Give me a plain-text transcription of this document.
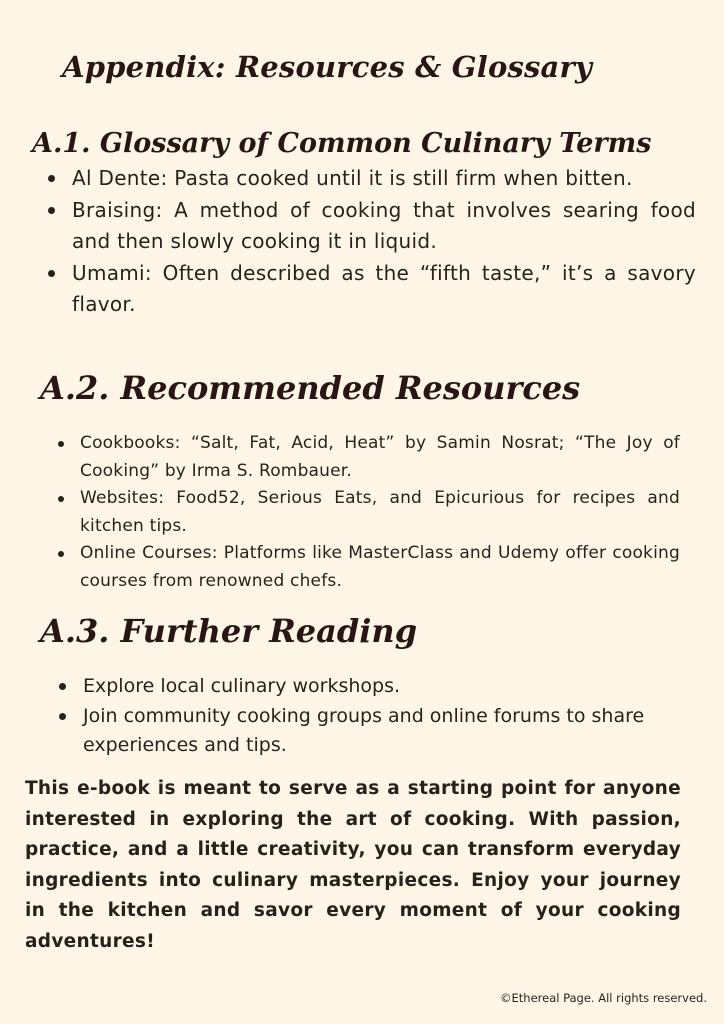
Appendix: Resources & Glossary
A.1. Glossary of Common Culinary Terms
Al Dente: Pasta cooked until it is still firm when bitten.
Braising: A method of cooking that involves searing food and then slowly cooking it in liquid.
Umami: Often described as the “fifth taste,” it’s a savory flavor.
A.2. Recommended Resources
Cookbooks: “Salt, Fat, Acid, Heat” by Samin Nosrat; “The Joy of Cooking” by Irma S. Rombauer.
Websites: Food52, Serious Eats, and Epicurious for recipes and kitchen tips.
Online Courses: Platforms like MasterClass and Udemy offer cooking courses from renowned chefs.
A.3. Further Reading
Explore local culinary workshops.
Join community cooking groups and online forums to share experiences and tips.

This e-book is meant to serve as a starting point for anyone interested in exploring the art of cooking. With passion, practice, and a little creativity, you can transform everyday ingredients into culinary masterpieces. Enjoy your journey in the kitchen and savor every moment of your cooking adventures!

©Ethereal Page. All rights reserved.
